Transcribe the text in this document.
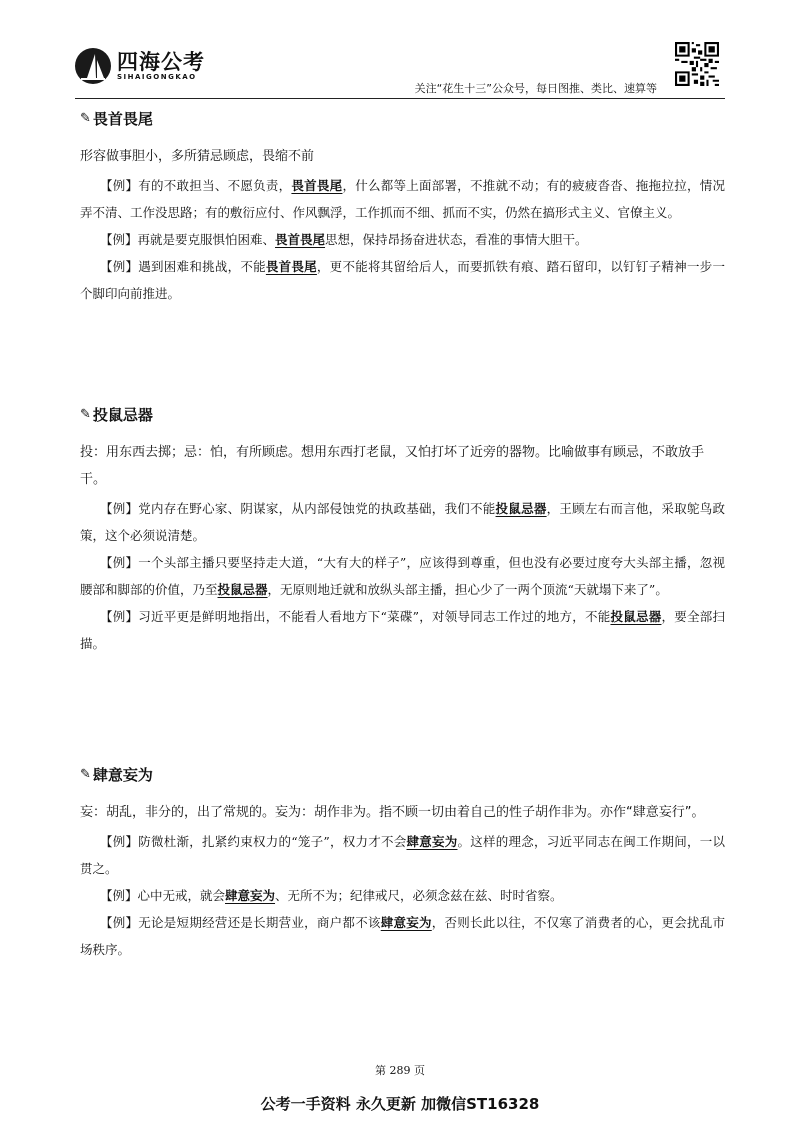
四海公考
SIHAIGONGKAO
关注“花生十三”公众号，每日图推、类比、速算等
✎ 畏首畏尾

形容做事胆小，多所猜忌顾虑，畏缩不前

【例】有的不敢担当、不愿负责，畏首畏尾，什么都等上面部署，不推就不动；有的疲疲沓沓、拖拖拉拉，情况弄不清、工作没思路；有的敷衍应付、作风飘浮，工作抓而不细、抓而不实，仍然在搞形式主义、官僚主义。

【例】再就是要克服惧怕困难、畏首畏尾思想，保持昂扬奋进状态，看准的事情大胆干。

【例】遇到困难和挑战，不能畏首畏尾，更不能将其留给后人，而要抓铁有痕、踏石留印，以钉钉子精神一步一个脚印向前推进。

✎ 投鼠忌器

投：用东西去掷；忌：怕，有所顾虑。想用东西打老鼠，又怕打坏了近旁的器物。比喻做事有顾忌，不敢放手干。

【例】党内存在野心家、阴谋家，从内部侵蚀党的执政基础，我们不能投鼠忌器，王顾左右而言他，采取鸵鸟政策，这个必须说清楚。

【例】一个头部主播只要坚持走大道，“大有大的样子”，应该得到尊重，但也没有必要过度夸大头部主播，忽视腰部和脚部的价值，乃至投鼠忌器，无原则地迁就和放纵头部主播，担心少了一两个顶流“天就塌下来了”。

【例】习近平更是鲜明地指出，不能看人看地方下“菜碟”，对领导同志工作过的地方，不能投鼠忌器，要全部扫描。

✎ 肆意妄为

妄：胡乱，非分的，出了常规的。妄为：胡作非为。指不顾一切由着自己的性子胡作非为。亦作“肆意妄行”。

【例】防微杜渐，扎紧约束权力的“笼子”，权力才不会肆意妄为。这样的理念，习近平同志在闽工作期间，一以贯之。

【例】心中无戒，就会肆意妄为、无所不为；纪律戒尺，必须念兹在兹、时时省察。

【例】无论是短期经营还是长期营业，商户都不该肆意妄为，否则长此以往，不仅寒了消费者的心，更会扰乱市场秩序。

第 289 页
公考一手资料 永久更新 加微信ST16328
